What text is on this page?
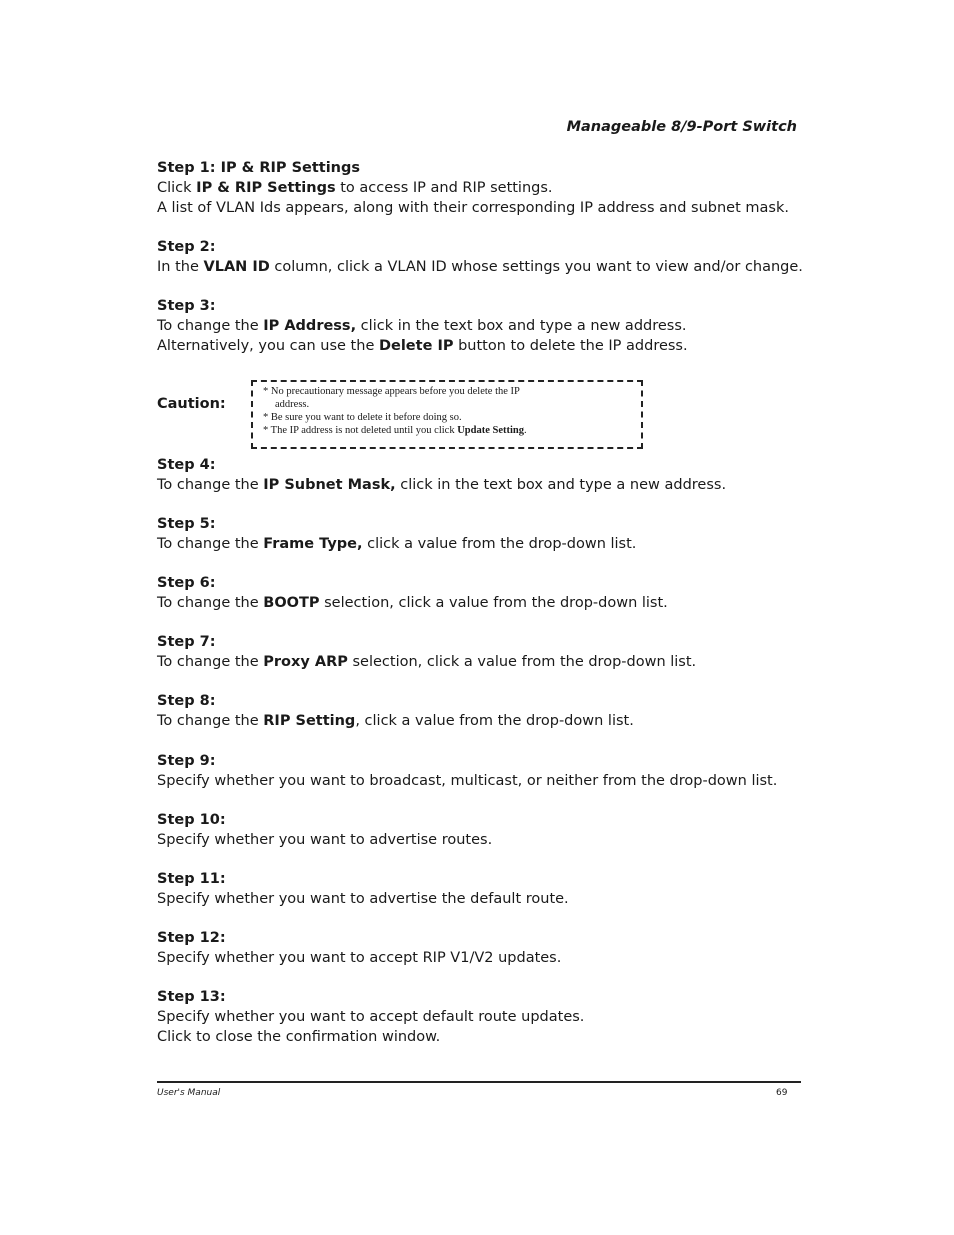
Manageable 8/9-Port Switch
Step 1: IP & RIP Settings
Click IP & RIP Settings to access IP and RIP settings.
A list of VLAN Ids appears, along with their corresponding IP address and subnet mask.
Step 2:
In the VLAN ID column, click a VLAN ID whose settings you want to view and/or change.
Step 3:
To change the IP Address, click in the text box and type a new address.
Alternatively, you can use the Delete IP button to delete the IP address.
Caution:
* No precautionary message appears before you delete the IP
address.
* Be sure you want to delete it before doing so.
* The IP address is not deleted until you click Update Setting.
Step 4:
To change the IP Subnet Mask, click in the text box and type a new address.
Step 5:
To change the Frame Type, click a value from the drop-down list.
Step 6:
To change the BOOTP selection, click a value from the drop-down list.
Step 7:
To change the Proxy ARP selection, click a value from the drop-down list.
Step 8:
To change the RIP Setting, click a value from the drop-down list.
Step 9:
Specify whether you want to broadcast, multicast, or neither from the drop-down list.
Step 10:
Specify whether you want to advertise routes.
Step 11:
Specify whether you want to advertise the default route.
Step 12:
Specify whether you want to accept RIP V1/V2 updates.
Step 13:
Specify whether you want to accept default route updates.
Click to close the confirmation window.
User's Manual	69
